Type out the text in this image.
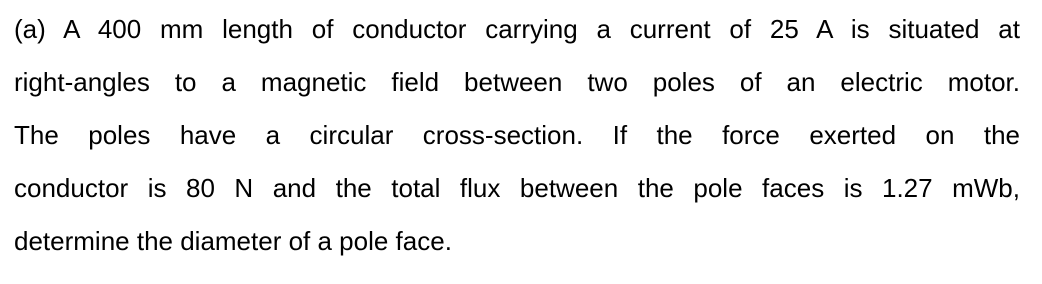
(a) A 400 mm length of conductor carrying a current of 25 A is situated at
right-angles to a magnetic field between two poles of an electric motor.
The poles have a circular cross-section. If the force exerted on the
conductor is 80 N and the total flux between the pole faces is 1.27 mWb,
determine the diameter of a pole face.
